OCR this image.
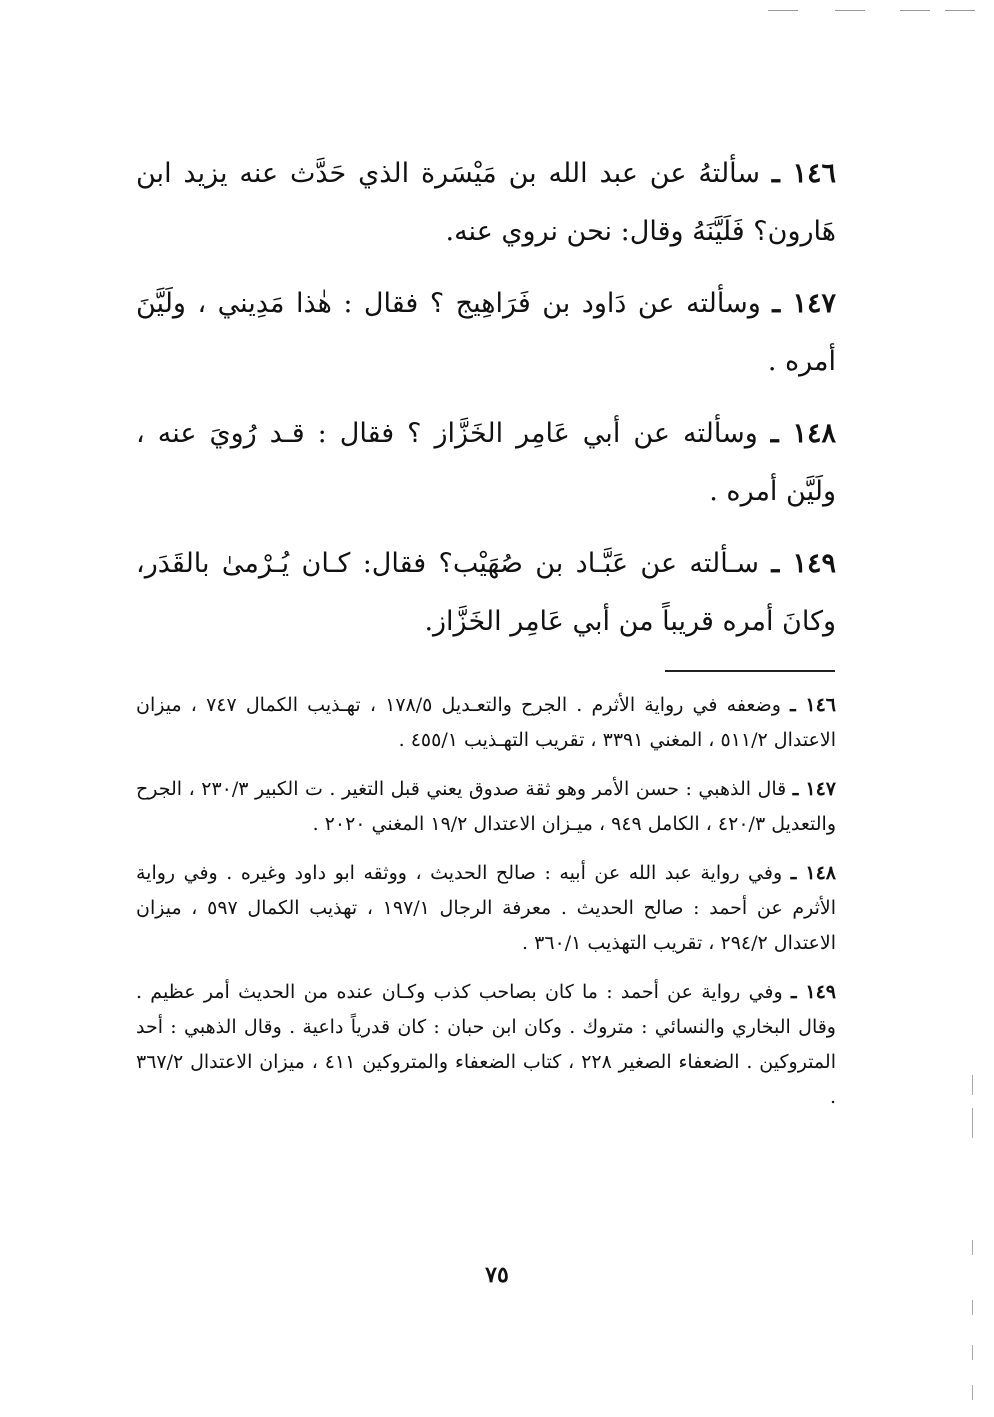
١٤٦ ـ سألتهُ عن عبد الله بن مَيْسَرة الذي حَدَّث عنه يزيد ابن هَارون؟ فَلَيَّنَهُ وقال: نحن نروي عنه.

١٤٧ ـ وسألته عن دَاود بن فَرَاهِيج ؟ فقال : هٰذا مَدِيني ، ولَيَّنَ أمره .

١٤٨ ـ وسألته عن أبي عَامِر الخَزَّاز ؟ فقال : قـد رُويَ عنه ، ولَيَّن أمره .

١٤٩ ـ سـألته عن عَبَّـاد بن صُهَيْب؟ فقال: كـان يُـرْمىٰ بالقَدَر، وكانَ أمره قريباً من أبي عَامِر الخَزَّاز.

١٤٦ ـ وضعفه في رواية الأثرم . الجرح والتعـديل ١٧٨/٥ ، تهـذيب الكمال ٧٤٧ ، ميزان الاعتدال ٥١١/٢ ، المغني ٣٣٩١ ، تقريب التهـذيب ٤٥٥/١ .

١٤٧ ـ قال الذهبي : حسن الأمر وهو ثقة صدوق يعني قبل التغير . ت الكبير ٢٣٠/٣ ، الجرح والتعديل ٤٢٠/٣ ، الكامل ٩٤٩ ، ميـزان الاعتدال ١٩/٢ المغني ٢٠٢٠ .

١٤٨ ـ وفي رواية عبد الله عن أبيه : صالح الحديث ، ووثقه ابو داود وغيره . وفي رواية الأثرم عن أحمد : صالح الحديث . معرفة الرجال ١٩٧/١ ، تهذيب الكمال ٥٩٧ ، ميزان الاعتدال ٢٩٤/٢ ، تقريب التهذيب ٣٦٠/١ .

١٤٩ ـ وفي رواية عن أحمد : ما كان بصاحب كذب وكـان عنده من الحديث أمر عظيم . وقال البخاري والنسائي : متروك . وكان ابن حبان : كان قدرياً داعية . وقال الذهبي : أحد المتروكين . الضعفاء الصغير ٢٢٨ ، كتاب الضعفاء والمتروكين ٤١١ ، ميزان الاعتدال ٣٦٧/٢ .

٧٥
